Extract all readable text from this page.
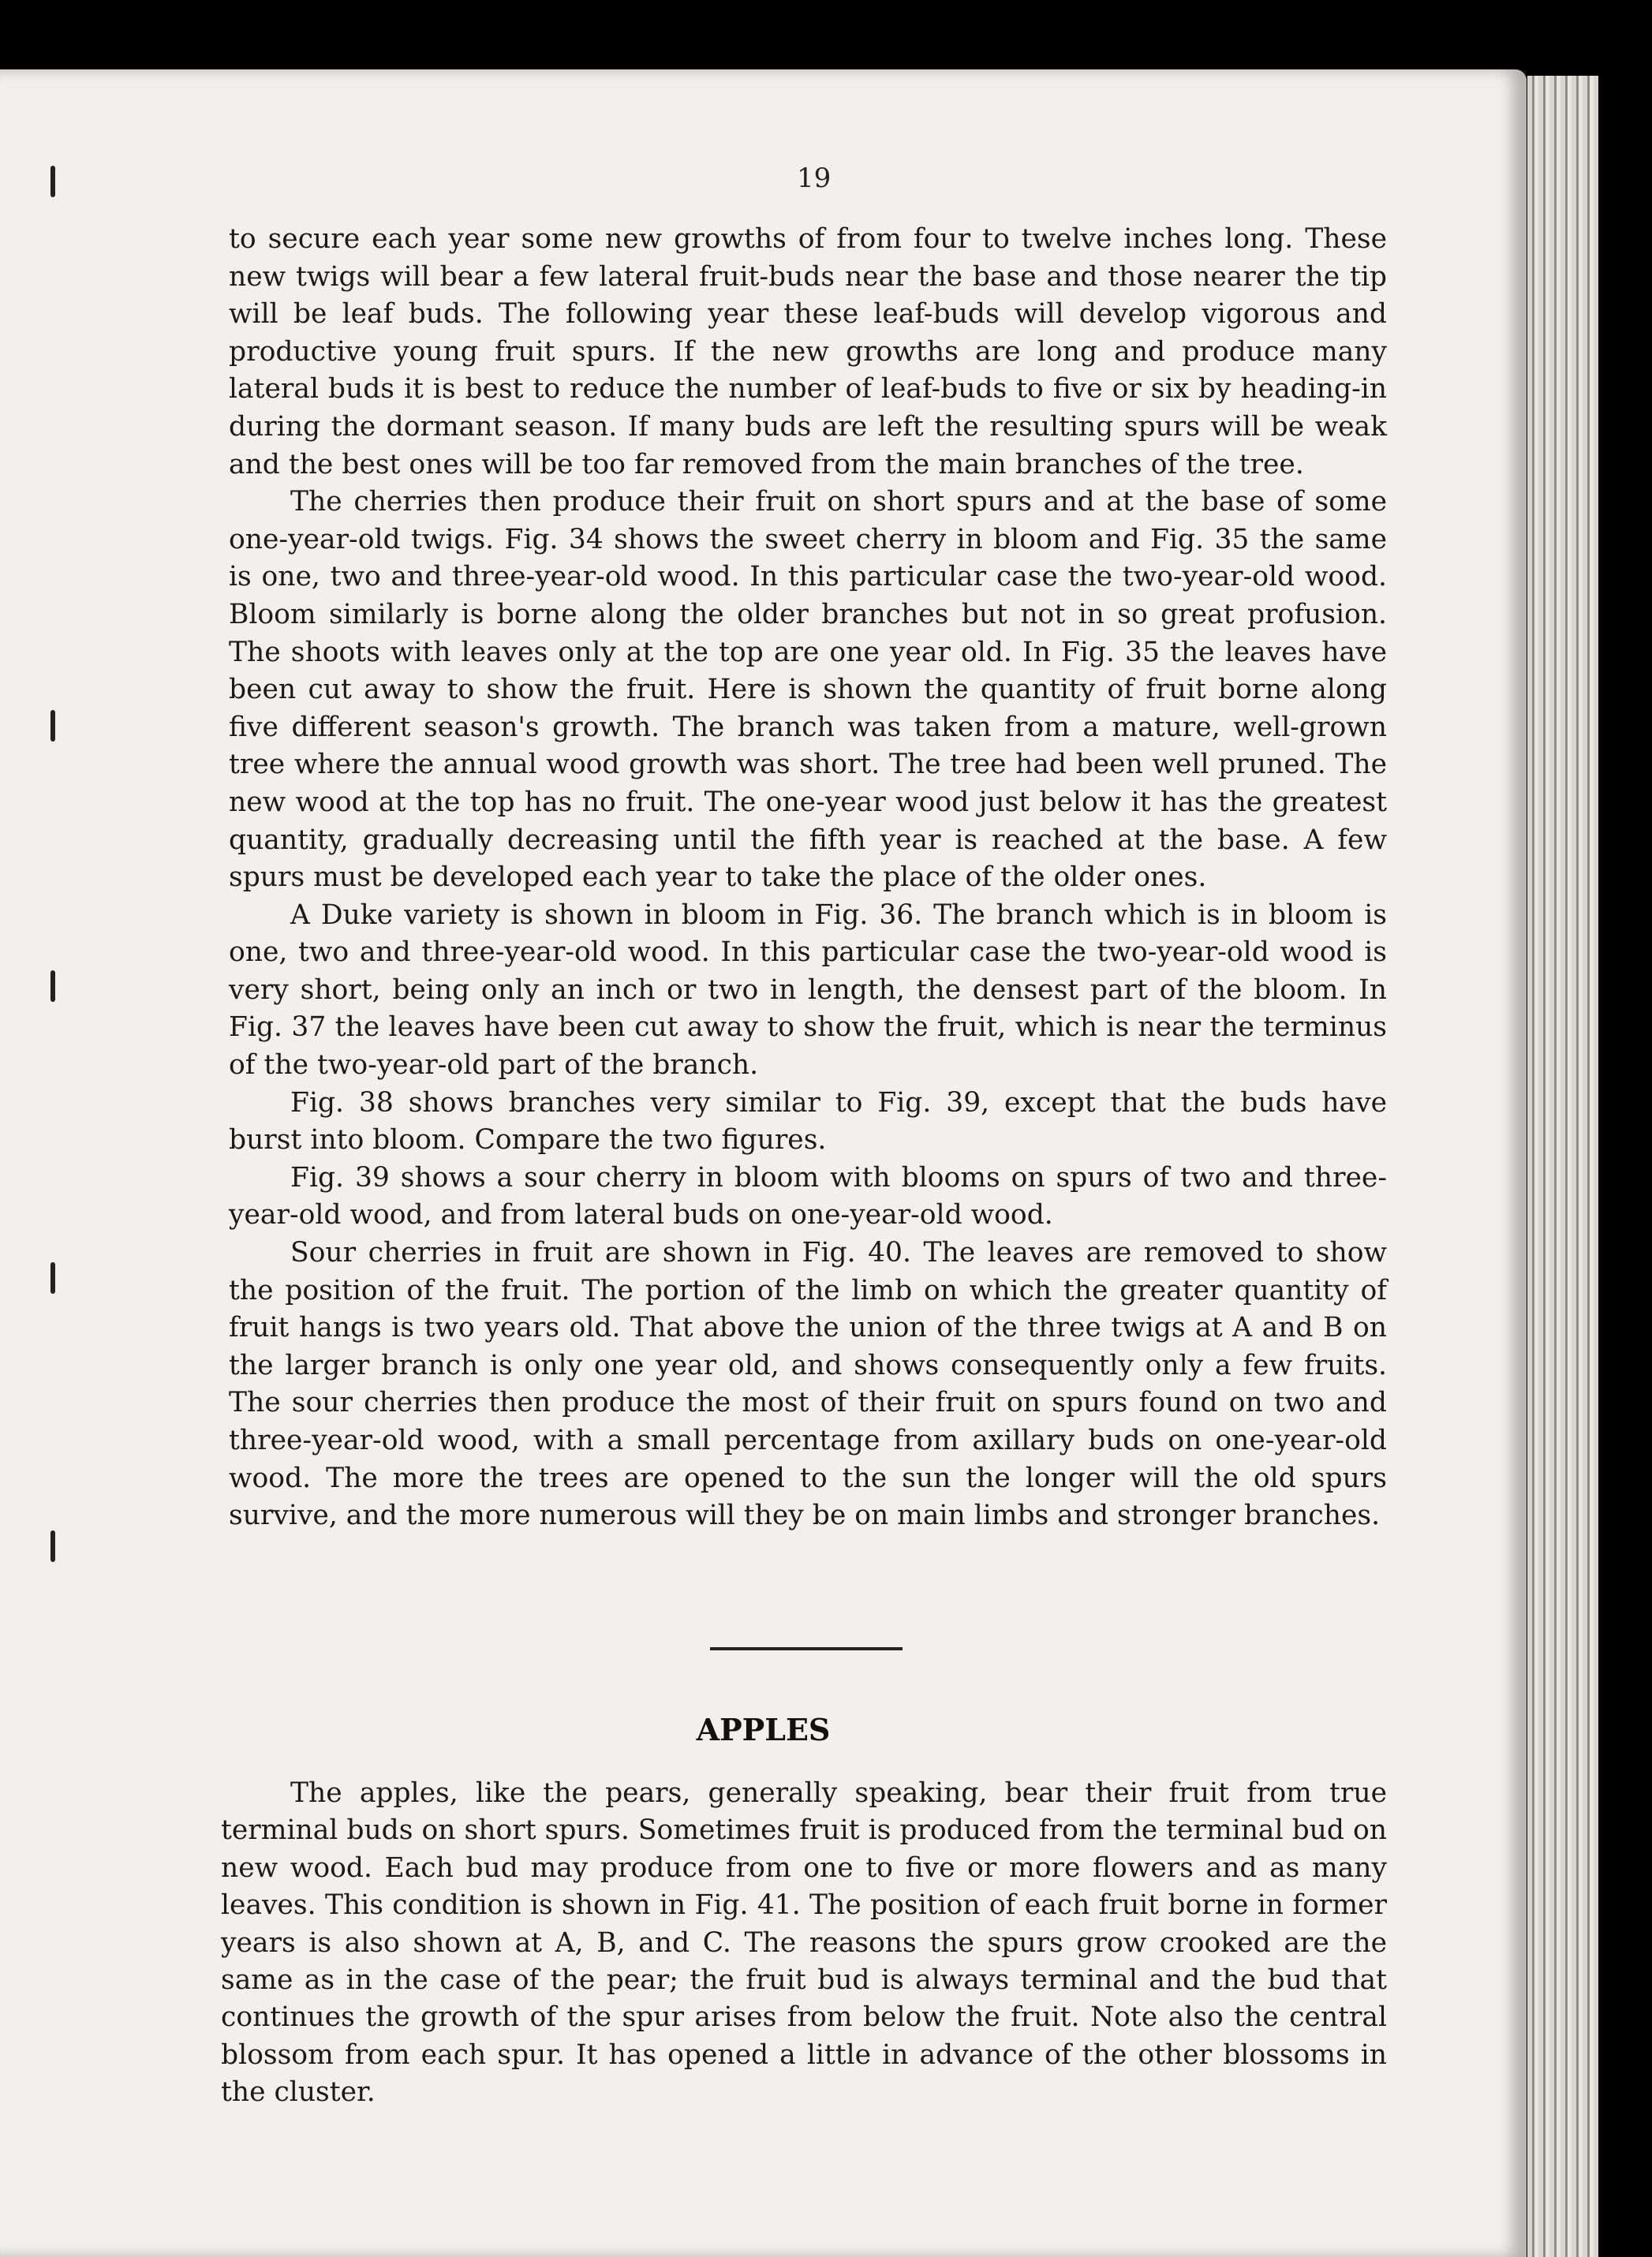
19

to secure each year some new growths of from four to twelve inches long. These new twigs will bear a few lateral fruit-buds near the base and those nearer the tip will be leaf buds. The following year these leaf-buds will develop vigorous and productive young fruit spurs. If the new growths are long and produce many lateral buds it is best to reduce the number of leaf-buds to five or six by heading-in during the dormant season. If many buds are left the resulting spurs will be weak and the best ones will be too far removed from the main branches of the tree.

The cherries then produce their fruit on short spurs and at the base of some one-year-old twigs. Fig. 34 shows the sweet cherry in bloom and Fig. 35 the same is one, two and three-year-old wood. In this particular case the two-year-old wood. Bloom similarly is borne along the older branches but not in so great profusion. The shoots with leaves only at the top are one year old. In Fig. 35 the leaves have been cut away to show the fruit. Here is shown the quantity of fruit borne along five different season's growth. The branch was taken from a mature, well-grown tree where the annual wood growth was short. The tree had been well pruned. The new wood at the top has no fruit. The one-year wood just below it has the greatest quantity, gradually decreasing until the fifth year is reached at the base. A few spurs must be developed each year to take the place of the older ones.

A Duke variety is shown in bloom in Fig. 36. The branch which is in bloom is one, two and three-year-old wood. In this particular case the two-year-old wood is very short, being only an inch or two in length, the densest part of the bloom. In Fig. 37 the leaves have been cut away to show the fruit, which is near the terminus of the two-year-old part of the branch.

Fig. 38 shows branches very similar to Fig. 39, except that the buds have burst into bloom. Compare the two figures.

Fig. 39 shows a sour cherry in bloom with blooms on spurs of two and three-year-old wood, and from lateral buds on one-year-old wood.

Sour cherries in fruit are shown in Fig. 40. The leaves are removed to show the position of the fruit. The portion of the limb on which the greater quantity of fruit hangs is two years old. That above the union of the three twigs at A and B on the larger branch is only one year old, and shows consequently only a few fruits. The sour cherries then produce the most of their fruit on spurs found on two and three-year-old wood, with a small percentage from axillary buds on one-year-old wood. The more the trees are opened to the sun the longer will the old spurs survive, and the more numerous will they be on main limbs and stronger branches.

APPLES

The apples, like the pears, generally speaking, bear their fruit from true terminal buds on short spurs. Sometimes fruit is produced from the terminal bud on new wood. Each bud may produce from one to five or more flowers and as many leaves. This condition is shown in Fig. 41. The position of each fruit borne in former years is also shown at A, B, and C. The reasons the spurs grow crooked are the same as in the case of the pear; the fruit bud is always terminal and the bud that continues the growth of the spur arises from below the fruit. Note also the central blossom from each spur. It has opened a little in advance of the other blossoms in the cluster.
